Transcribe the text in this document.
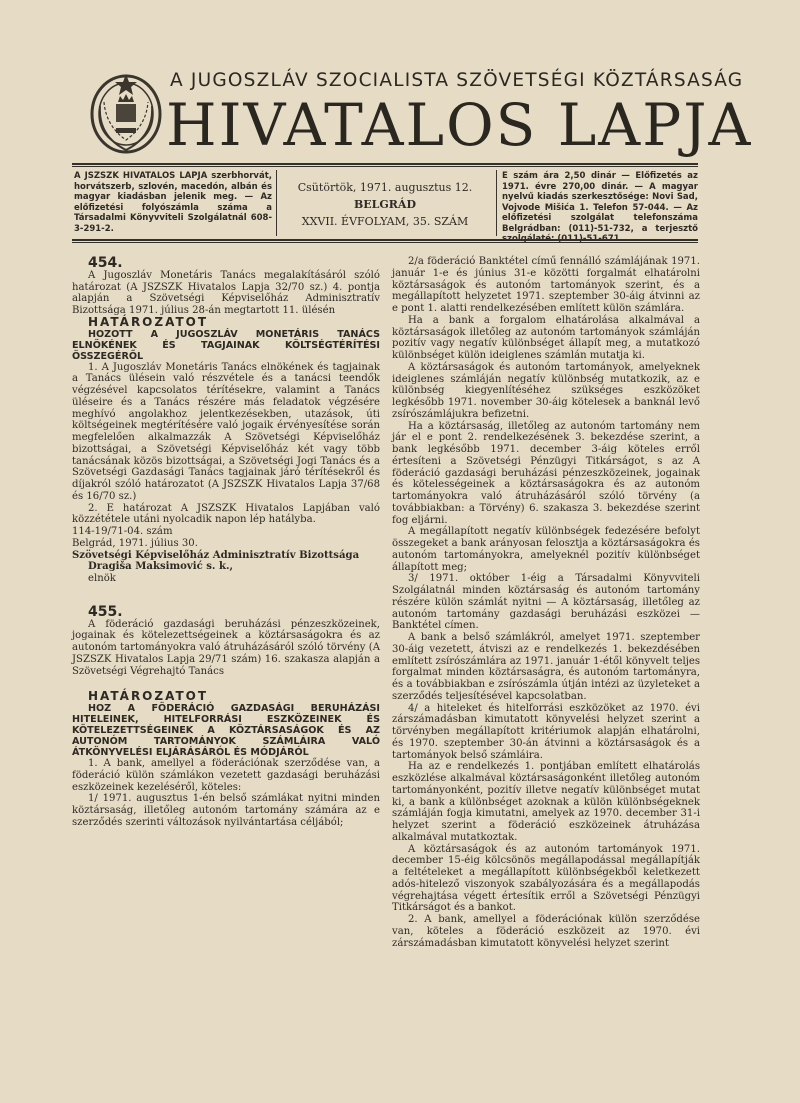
A JUGOSZLÁV SZOCIALISTA SZÖVETSÉGI KÖZTÁRSASÁG
HIVATALOS LAPJA
A JSZSZK HIVATALOS LAPJA szerbhorvát, horvátszerb, szlovén, macedón, albán és magyar kiadásban jelenik meg. — Az előfizetési folyószámla száma a Társadalmi Könyvviteli Szolgálatnál 608-3-291-2.
Csütörtök, 1971. augusztus 12.
BELGRÁD
XXVII. ÉVFOLYAM, 35. SZÁM
E szám ára 2,50 dinár — Előfizetés az 1971. évre 270,00 dinár. — A magyar nyelvű kiadás szerkesztősége: Novi Sad, Vojvode Mišića 1. Telefon 57-044. — Az előfizetési szolgálat telefonszáma Belgrádban: (011)-51-732, a terjesztő szolgálaté: (011)-51-671.

454.

A Jugoszláv Monetáris Tanács megalakításáról szóló határozat (A JSZSZK Hivatalos Lapja 32/70 sz.) 4. pontja alapján a Szövetségi Képviselőház Adminisztratív Bizottsága 1971. július 28-án megtartott 11. ülésén

HATÁROZATOT

HOZOTT A JUGOSZLÁV MONETÁRIS TANÁCS ELNÖKÉNEK ÉS TAGJAINAK KÖLTSÉGTÉRÍTÉSI ÖSSZEGÉRŐL

1. A Jugoszláv Monetáris Tanács elnökének és tagjainak a Tanács ülésein való részvétele és a tanácsi teendők végzésével kapcsolatos térítésekre, valamint a Tanács üléseire és a Tanács részére más feladatok végzésére meghívó angolakhoz jelentkezésekben, utazások, úti költségeinek megtérítésére való jogaik érvényesítése során megfelelően alkalmazzák A Szövetségi Képviselőház bizottságai, a Szövetségi Képviselőház két vagy több tanácsának közös bizottságai, a Szövetségi Jogi Tanács és a Szövetségi Gazdasági Tanács tagjainak járó térítésekről és díjakról szóló határozatot (A JSZSZK Hivatalos Lapja 37/68 és 16/70 sz.)

2. E határozat A JSZSZK Hivatalos Lapjában való közzététele utáni nyolcadik napon lép hatályba.

114-19/71-04. szám

Belgrád, 1971. július 30.

Szövetségi Képviselőház Adminisztratív Bizottsága

Dragiša Maksimović s. k.,

elnök

455.

A föderáció gazdasági beruházási pénzeszközeinek, jogainak és kötelezettségeinek a köztársaságokra és az autonóm tartományokra való átruházásáról szóló törvény (A JSZSZK Hivatalos Lapja 29/71 szám) 16. szakasza alapján a Szövetségi Végrehajtó Tanács

HATÁROZATOT

HOZ A FÖDERÁCIÓ GAZDASÁGI BERUHÁZÁSI HITELEINEK, HITELFORRÁSI ESZKÖZEINEK ÉS KÖTELEZETTSÉGEINEK A KÖZTÁRSASÁGOK ÉS AZ AUTONÓM TARTOMÁNYOK SZÁMLÁIRA VALÓ ÁTKÖNYVELÉSI ELJÁRÁSÁRÓL ÉS MÓDJÁRÓL

1. A bank, amellyel a föderációnak szerződése van, a föderáció külön számlákon vezetett gazdasági beruházási eszközeinek kezeléséről, köteles:

1/ 1971. augusztus 1-én belső számlákat nyitni minden köztársaság, illetőleg autonóm tartomány számára az e szerződés szerinti változások nyilvántartása céljából;

2/a föderáció Banktétel című fennálló számlájának 1971. január 1-e és június 31-e közötti forgalmát elhatárolni köztársaságok és autonóm tartományok szerint, és a megállapított helyzetet 1971. szeptember 30-áig átvinni az e pont 1. alatti rendelkezésében említett külön számlára.

Ha a bank a forgalom elhatárolása alkalmával a köztársaságok illetőleg az autonóm tartományok számláján pozitív vagy negatív különbséget állapít meg, a mutatkozó különbséget külön ideiglenes számlán mutatja ki.

A köztársaságok és autonóm tartományok, amelyeknek ideiglenes számláján negatív különbség mutatkozik, az e különbség kiegyenlítéséhez szükséges eszközöket legkésőbb 1971. november 30-áig kötelesek a banknál levő zsírószámlájukra befizetni.

Ha a köztársaság, illetőleg az autonóm tartomány nem jár el e pont 2. rendelkezésének 3. bekezdése szerint, a bank legkésőbb 1971. december 3-áig köteles erről értesíteni a Szövetségi Pénzügyi Titkárságot, s az A föderáció gazdasági beruházási pénzeszközeinek, jogainak és kötelességeinek a köztársaságokra és az autonóm tartományokra való átruházásáról szóló törvény (a továbbiakban: a Törvény) 6. szakasza 3. bekezdése szerint fog eljárni.

A megállapított negatív különbségek fedezésére befolyt összegeket a bank arányosan felosztja a köztársaságokra és autonóm tartományokra, amelyeknél pozitív különbséget állapított meg;

3/ 1971. október 1-éig a Társadalmi Könyvviteli Szolgálatnál minden köztársaság és autonóm tartomány részére külön számlát nyitni — A köztársaság, illetőleg az autonóm tartomány gazdasági beruházási eszközei — Banktétel címen.

A bank a belső számlákról, amelyet 1971. szeptember 30-áig vezetett, átviszi az e rendelkezés 1. bekezdésében említett zsírószámlára az 1971. január 1-étől könyvelt teljes forgalmat minden köztársaságra, és autonóm tartományra, és a továbbiakban e zsírószámla útján intézi az üzyleteket a szerződés teljesítésével kapcsolatban.

4/ a hiteleket és hitelforrási eszközöket az 1970. évi zárszámadásban kimutatott könyvelési helyzet szerint a törvényben megállapított kritériumok alapján elhatárolni, és 1970. szeptember 30-án átvinni a köztársaságok és a tartományok belső számláira.

Ha az e rendelkezés 1. pontjában említett elhatárolás eszközlése alkalmával köztársaságonként illetőleg autonóm tartományonként, pozitív illetve negatív különbséget mutat ki, a bank a különbséget azoknak a külön különbségeknek számláján fogja kimutatni, amelyek az 1970. december 31-i helyzet szerint a föderáció eszközeinek átruházása alkalmával mutatkoztak.

A köztársaságok és az autonóm tartományok 1971. december 15-éig kölcsönös megállapodással megállapítják a feltételeket a megállapított különbségekből keletkezett adós-hitelező viszonyok szabályozására és a megállapodás végrehajtása végett értesítik erről a Szövetségi Pénzügyi Titkárságot és a bankot.

2. A bank, amellyel a föderációnak külön szerződése van, köteles a föderáció eszközeit az 1970. évi zárszámadásban kimutatott könyvelési helyzet szerint
